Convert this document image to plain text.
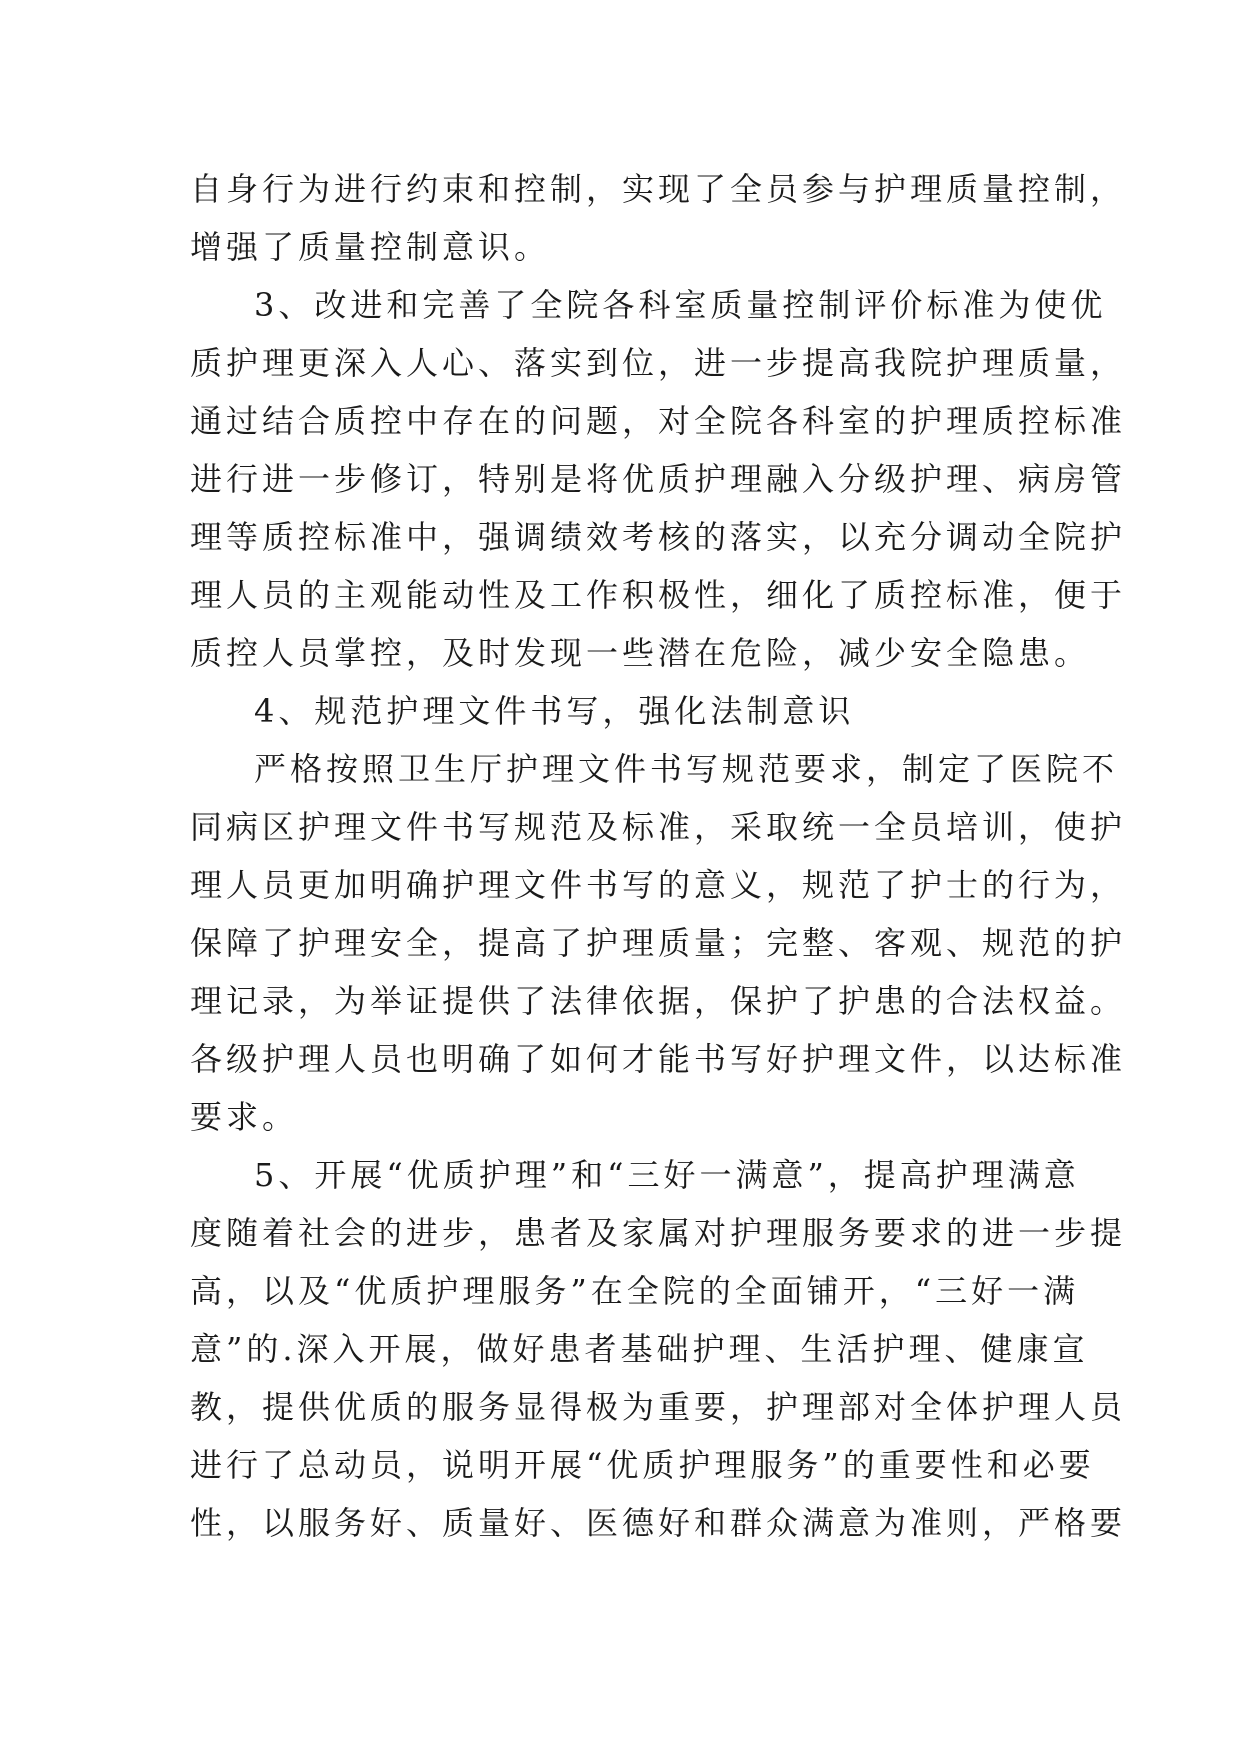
自身行为进行约束和控制，实现了全员参与护理质量控制，
增强了质量控制意识。
3、改进和完善了全院各科室质量控制评价标准为使优
质护理更深入人心、落实到位，进一步提高我院护理质量，
通过结合质控中存在的问题，对全院各科室的护理质控标准
进行进一步修订，特别是将优质护理融入分级护理、病房管
理等质控标准中，强调绩效考核的落实，以充分调动全院护
理人员的主观能动性及工作积极性，细化了质控标准，便于
质控人员掌控，及时发现一些潜在危险，减少安全隐患。
4、规范护理文件书写，强化法制意识
严格按照卫生厅护理文件书写规范要求，制定了医院不
同病区护理文件书写规范及标准，采取统一全员培训，使护
理人员更加明确护理文件书写的意义，规范了护士的行为，
保障了护理安全，提高了护理质量；完整、客观、规范的护
理记录，为举证提供了法律依据，保护了护患的合法权益。
各级护理人员也明确了如何才能书写好护理文件，以达标准
要求。
5、开展“优质护理”和“三好一满意”，提高护理满意
度随着社会的进步，患者及家属对护理服务要求的进一步提
高，以及“优质护理服务”在全院的全面铺开，“三好一满
意”的.深入开展，做好患者基础护理、生活护理、健康宣
教，提供优质的服务显得极为重要，护理部对全体护理人员
进行了总动员，说明开展“优质护理服务”的重要性和必要
性，以服务好、质量好、医德好和群众满意为准则，严格要
